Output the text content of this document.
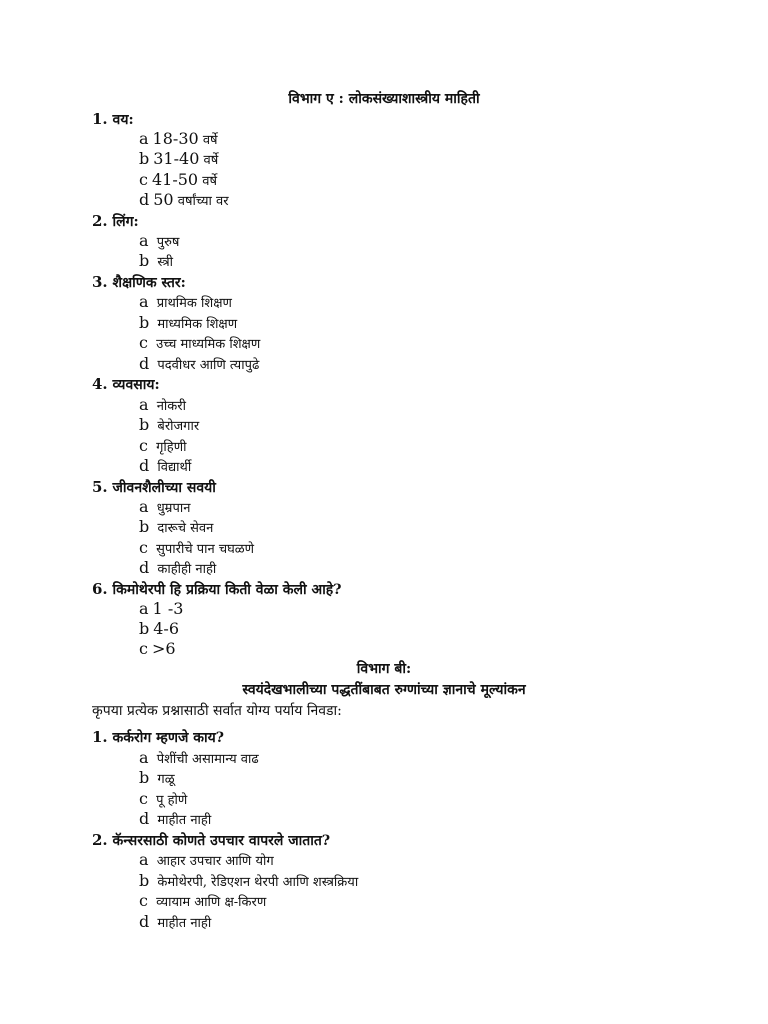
विभाग ए : लोकसंख्याशास्त्रीय माहिती
1. वय:
a 18-30 वर्षे
b 31-40 वर्षे
c 41-50 वर्षे
d 50 वर्षांच्या वर
2. लिंग:
a पुरुष
b स्त्री
3. शैक्षणिक स्तर:
a प्राथमिक शिक्षण
b माध्यमिक शिक्षण
c उच्च माध्यमिक शिक्षण
d पदवीधर आणि त्यापुढे
4. व्यवसाय:
a नोकरी
b बेरोजगार
c गृहिणी
d विद्यार्थी
5. जीवनशैलीच्या सवयी
a धुम्रपान
b दारूचे सेवन
c सुपारीचे पान चघळणे
d काहीही नाही
6. किमोथेरपी हि प्रक्रिया किती वेळा केली आहे?
a 1 -3
b 4-6
c >6
विभाग बी:
स्वयंदेखभालीच्या पद्धतींबाबत रुग्णांच्या ज्ञानाचे मूल्यांकन
कृपया प्रत्येक प्रश्नासाठी सर्वात योग्य पर्याय निवडा:
1. कर्करोग म्हणजे काय?
a पेशींची असामान्य वाढ
b गळू
c पू होणे
d माहीत नाही
2. कॅन्सरसाठी कोणते उपचार वापरले जातात?
a आहार उपचार आणि योग
b केमोथेरपी, रेडिएशन थेरपी आणि शस्त्रक्रिया
c व्यायाम आणि क्ष-किरण
d माहीत नाही
